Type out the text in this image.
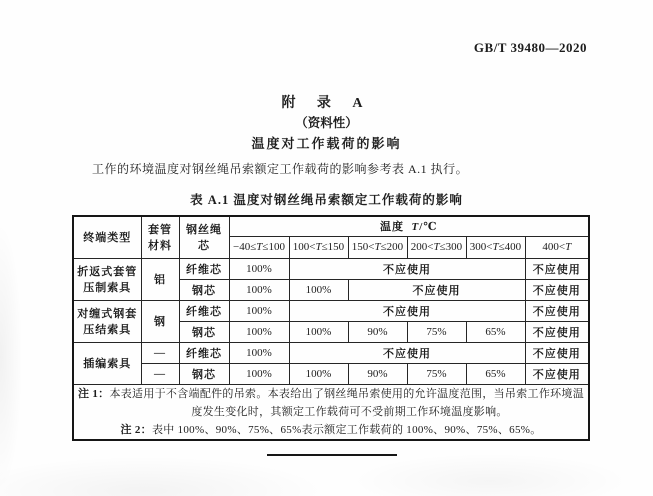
GB/T 39480—2020
附 录 A
（资料性）
温度对工作载荷的影响

工作的环境温度对钢丝绳吊索额定工作载荷的影响参考表 A.1 执行。

表 A.1 温度对钢丝绳吊索额定工作载荷的影响
终端类型	套管材料	钢丝绳芯	温度 T/℃					
			−40≤T≤100	100<T≤150	150<T≤200	200<T≤300	300<T≤400	400<T

折返式套管
压制索具	铝	纤维芯	100%	不应使用				不应使用
		钢芯	100%	100%	不应使用			不应使用

对缠式钢套
压结索具	钢	纤维芯	100%	不应使用				不应使用
		钢芯	100%	100%	90%	75%	65%	不应使用

插编索具	—	纤维芯	100%	不应使用				不应使用
	—	钢芯	100%	100%	90%	75%	65%	不应使用

注 1：本表适用于不含端配件的吊索。本表给出了钢丝绳吊索使用的允许温度范围，当吊索工作环境温度发生变化时，其额定工作载荷可不受前期工作环境温度影响。
注 2：表中 100%、90%、75%、65%表示额定工作载荷的 100%、90%、75%、65%。								
